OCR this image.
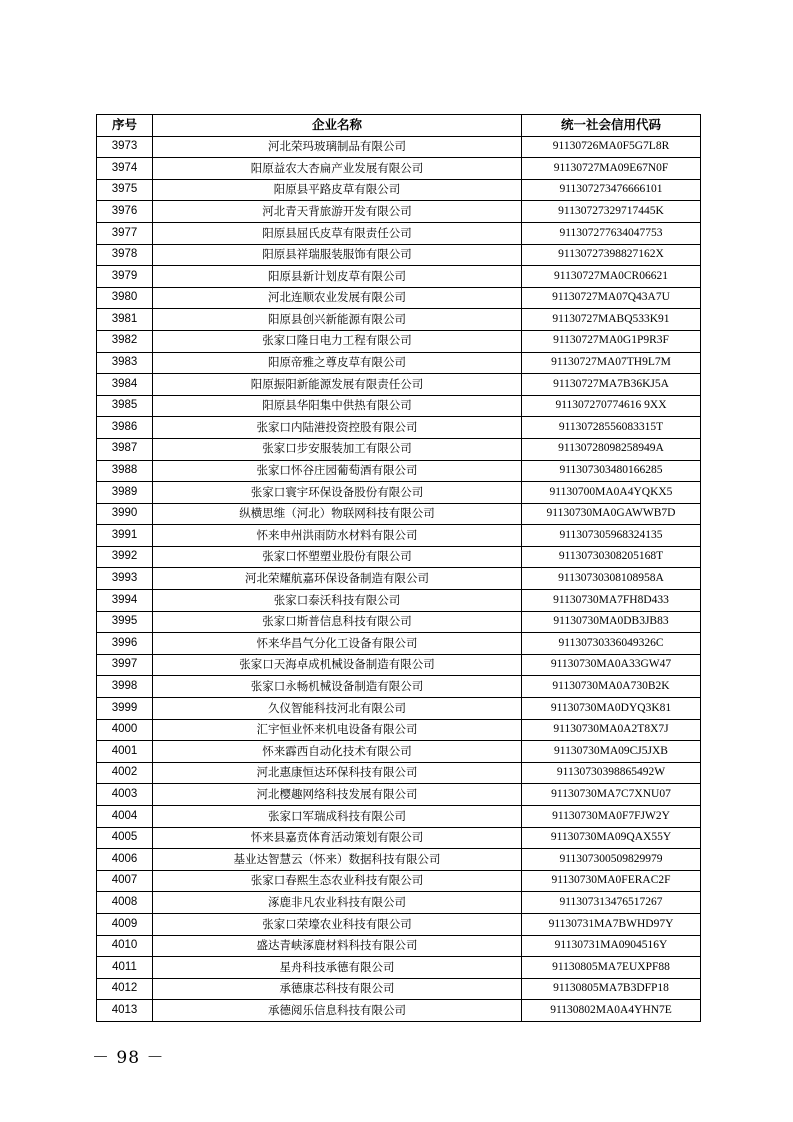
序号	企业名称	统一社会信用代码
3973	河北荣玛玻璃制品有限公司	91130726MA0F5G7L8R
3974	阳原益农大杏扁产业发展有限公司	91130727MA09E67N0F
3975	阳原县平路皮草有限公司	911307273476666101
3976	河北青天背旅游开发有限公司	91130727329717445K
3977	阳原县屈氏皮草有限责任公司	911307277634047753
3978	阳原县祥瑞服装服饰有限公司	91130727398827162X
3979	阳原县新计划皮草有限公司	91130727MA0CR06621
3980	河北连顺农业发展有限公司	91130727MA07Q43A7U
3981	阳原县创兴新能源有限公司	91130727MABQ533K91
3982	张家口隆日电力工程有限公司	91130727MA0G1P9R3F
3983	阳原帝雅之尊皮草有限公司	91130727MA07TH9L7M
3984	阳原振阳新能源发展有限责任公司	91130727MA7B36KJ5A
3985	阳原县华阳集中供热有限公司	911307270774616 9XX
3986	张家口内陆港投资控股有限公司	91130728556083315T
3987	张家口步安服装加工有限公司	91130728098258949A
3988	张家口怀谷庄园葡萄酒有限公司	911307303480166285
3989	张家口寰宇环保设备股份有限公司	91130700MA0A4YQKX5
3990	纵横思维（河北）物联网科技有限公司	91130730MA0GAWWB7D
3991	怀来申州洪雨防水材料有限公司	911307305968324135
3992	张家口怀塑塑业股份有限公司	91130730308205168T
3993	河北荣耀航嘉环保设备制造有限公司	91130730308108958A
3994	张家口泰沃科技有限公司	91130730MA7FH8D433
3995	张家口斯普信息科技有限公司	91130730MA0DB3JB83
3996	怀来华昌气分化工设备有限公司	91130730336049326C
3997	张家口天海卓成机械设备制造有限公司	91130730MA0A33GW47
3998	张家口永畅机械设备制造有限公司	91130730MA0A730B2K
3999	久仪智能科技河北有限公司	91130730MA0DYQ3K81
4000	汇宇恒业怀来机电设备有限公司	91130730MA0A2T8X7J
4001	怀来霹西自动化技术有限公司	91130730MA09CJ5JXB
4002	河北惠康恒达环保科技有限公司	91130730398865492W
4003	河北樱趣网络科技发展有限公司	91130730MA7C7XNU07
4004	张家口军瑞成科技有限公司	91130730MA0F7FJW2Y
4005	怀来县嘉贲体育活动策划有限公司	91130730MA09QAX55Y
4006	基业达智慧云（怀来）数据科技有限公司	911307300509829979
4007	张家口春熙生态农业科技有限公司	91130730MA0FERAC2F
4008	涿鹿非凡农业科技有限公司	911307313476517267
4009	张家口荣壕农业科技有限公司	91130731MA7BWHD97Y
4010	盛达青峡涿鹿材料科技有限公司	91130731MA0904516Y
4011	星舟科技承德有限公司	91130805MA7EUXPF88
4012	承德康芯科技有限公司	91130805MA7B3DFP18
4013	承德阅乐信息科技有限公司	91130802MA0A4YHN7E
－ 98 －
